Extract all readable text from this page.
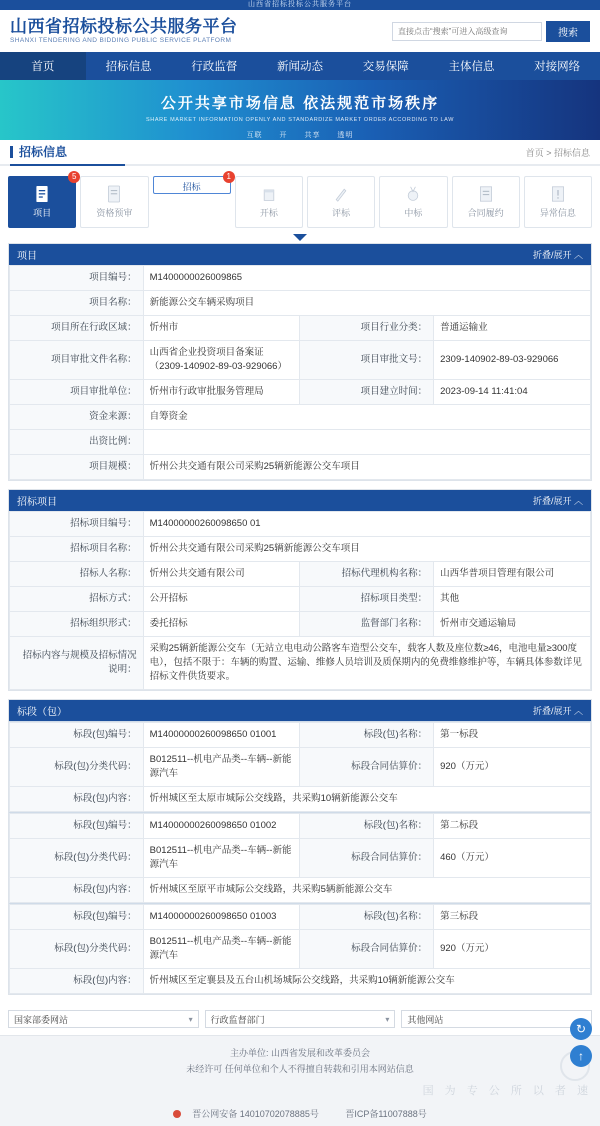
山西省招标投标公共服务平台
山西省招标投标公共服务平台
SHANXI TENDERING AND BIDDING PUBLIC SERVICE PLATFORM
直接点击“搜索”可进入高级查询
搜索
首页	招标信息	行政监督	新闻动态	交易保障	主体信息	对接网络
公开共享市场信息 依法规范市场秩序
SHARE MARKET INFORMATION OPENLY AND STANDARDIZE MARKET ORDER ACCORDING TO LAW
互联 开 共享 透明
招标信息	首页 > 招标信息
项目
5
资格预审
招标
1
开标	评标	中标	合同履约	异常信息
项目	折叠/展开 ︿
项目编号：	M1400000026009865		
项目名称：	新能源公交车辆采购项目		
项目所在行政区域：	忻州市	项目行业分类：	普通运输业
项目审批文件名称：	山西省企业投资项目备案证（2309-140902-89-03-929066）	项目审批文号：	2309-140902-89-03-929066
项目审批单位：	忻州市行政审批服务管理局	项目建立时间：	2023-09-14 11:41:04
资金来源：	自筹资金		
出资比例：			
项目规模：	忻州公共交通有限公司采购25辆新能源公交车项目		
招标项目	折叠/展开 ︿
招标项目编号：	M14000000260098650 01		
招标项目名称：	忻州公共交通有限公司采购25辆新能源公交车项目		
招标人名称：	忻州公共交通有限公司	招标代理机构名称：	山西华普项目管理有限公司
招标方式：	公开招标	招标项目类型：	其他
招标组织形式：	委托招标	监督部门名称：	忻州市交通运输局
招标内容与规模及招标情况说明：	采购25辆新能源公交车（无站立电电动公路客车造型公交车，载客人数及座位数≥46，电池电量≥300度电），包括不限于：车辆的购置、运输、维修人员培训及质保期内的免费维修维护等，车辆具体参数详见招标文件供货要求。		
标段（包）	折叠/展开 ︿
标段(包)编号：	M14000000260098650 01001	标段(包)名称：	第一标段
标段(包)分类代码：	B012511--机电产品类--车辆--新能源汽车	标段合同估算价：	920（万元）
标段(包)内容：	忻州城区至太原市城际公交线路，共采购10辆新能源公交车		
标段(包)编号：	M14000000260098650 01002	标段(包)名称：	第二标段
标段(包)分类代码：	B012511--机电产品类--车辆--新能源汽车	标段合同估算价：	460（万元）
标段(包)内容：	忻州城区至原平市城际公交线路，共采购5辆新能源公交车		
标段(包)编号：	M14000000260098650 01003	标段(包)名称：	第三标段
标段(包)分类代码：	B012511--机电产品类--车辆--新能源汽车	标段合同估算价：	920（万元）
标段(包)内容：	忻州城区至定襄县及五台山机场城际公交线路，共采购10辆新能源公交车		
国家部委网站	▾ 行政监督部门	▾ 其他网站
主办单位: 山西省发展和改革委员会
未经许可 任何单位和个人不得擅自转载和引用本网站信息
国 为 专 公 所 以 者 速
↻
↑
晋公网安备 14010702078885号	晋ICP备11007888号
